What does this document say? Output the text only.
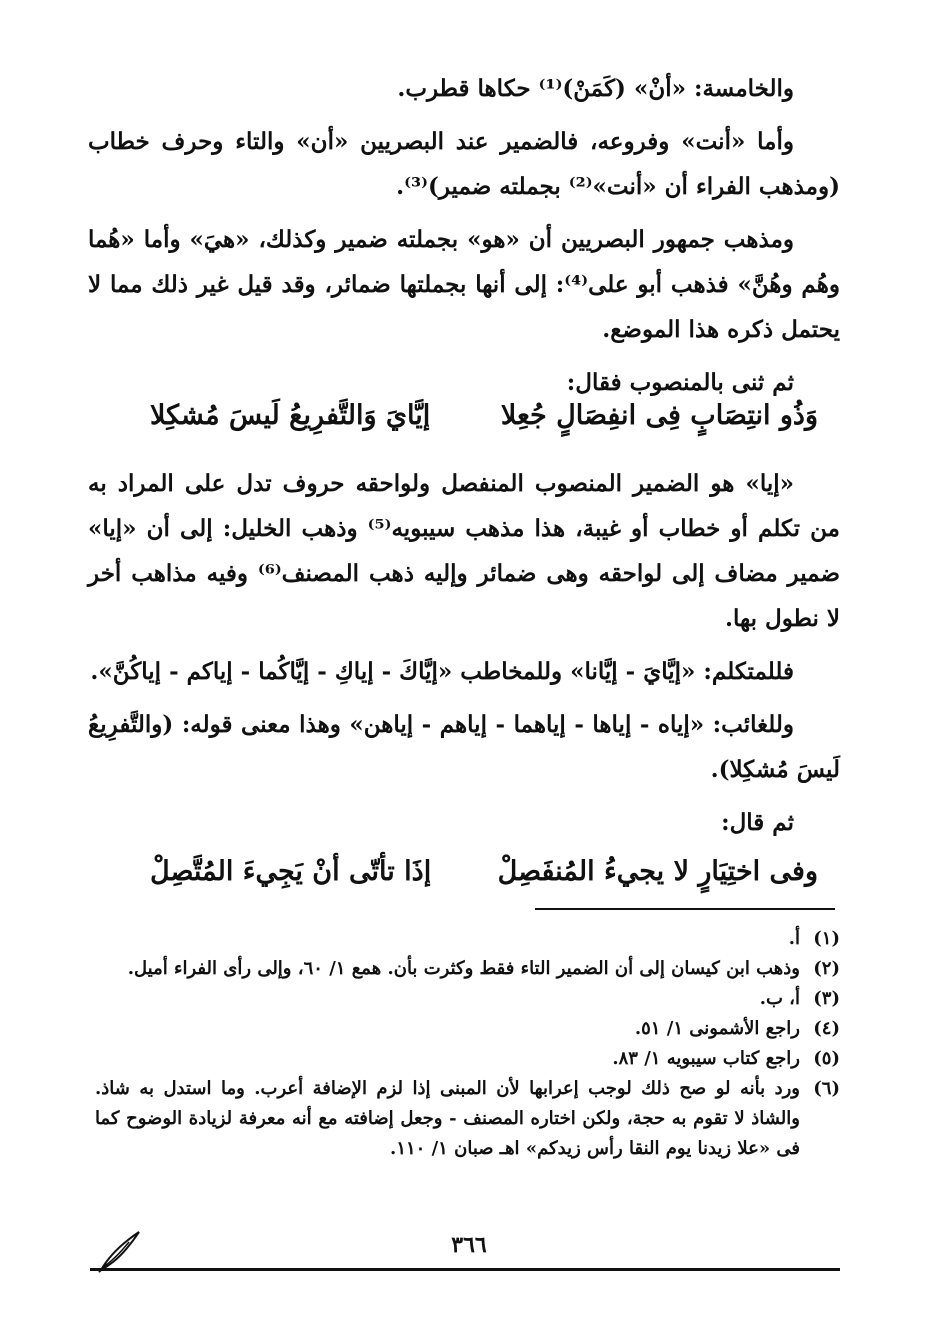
والخامسة: «أنْ» (كَمَنْ)⁽¹⁾ حكاها قطرب.

وأما «أنت» وفروعه، فالضمير عند البصريين «أن» والتاء وحرف خطاب (ومذهب الفراء أن «أنت»⁽²⁾ بجملته ضمير)⁽³⁾.

ومذهب جمهور البصريين أن «هو» بجملته ضمير وكذلك، «هيَ» وأما «هُما وهُم وهُنَّ» فذهب أبو على⁽⁴⁾: إلى أنها بجملتها ضمائر، وقد قيل غير ذلك مما لا يحتمل ذكره هذا الموضع.

ثم ثنى بالمنصوب فقال:

«إيا» هو الضمير المنصوب المنفصل ولواحقه حروف تدل على المراد به من تكلم أو خطاب أو غيبة، هذا مذهب سيبويه⁽⁵⁾ وذهب الخليل: إلى أن «إيا» ضمير مضاف إلى لواحقه وهى ضمائر وإليه ذهب المصنف⁽⁶⁾ وفيه مذاهب أخر لا نطول بها.

فللمتكلم: «إيَّايَ - إيَّانا» وللمخاطب «إيَّاكَ - إياكِ - إيَّاكُما - إياكم - إياكُنَّ».

وللغائب: «إياه - إياها - إياهما - إياهم - إياهن» وهذا معنى قوله: (والتَّفرِيعُ لَيسَ مُشكِلا).

ثم قال:

وَذُو انتِصَابٍ فِى انفِصَالٍ جُعِلا
إيَّايَ وَالتَّفرِيعُ لَيسَ مُشكِلا
وفى اختِيَارٍ لا يجيءُ المُنفَصِلْ
إذَا تأتّى أنْ يَجِيءَ المُتَّصِلْ
(١)
أ.
(٢)
وذهب ابن كيسان إلى أن الضمير التاء فقط وكثرت بأن. همع ١/ ٦٠، وإلى رأى الفراء أميل.
(٣)
أ، ب.
(٤)
راجع الأشمونى ١/ ٥١.
(٥)
راجع كتاب سيبويه ١/ ٨٣.
(٦)
ورد بأنه لو صح ذلك لوجب إعرابها لأن المبنى إذا لزم الإضافة أعرب. وما استدل به شاذ. والشاذ لا تقوم به حجة، ولكن اختاره المصنف - وجعل إضافته مع أنه معرفة لزيادة الوضوح كما فى «علا زيدنا يوم النقا رأس زيدكم» اهـ صبان ١/ ١١٠.
٣٦٦
